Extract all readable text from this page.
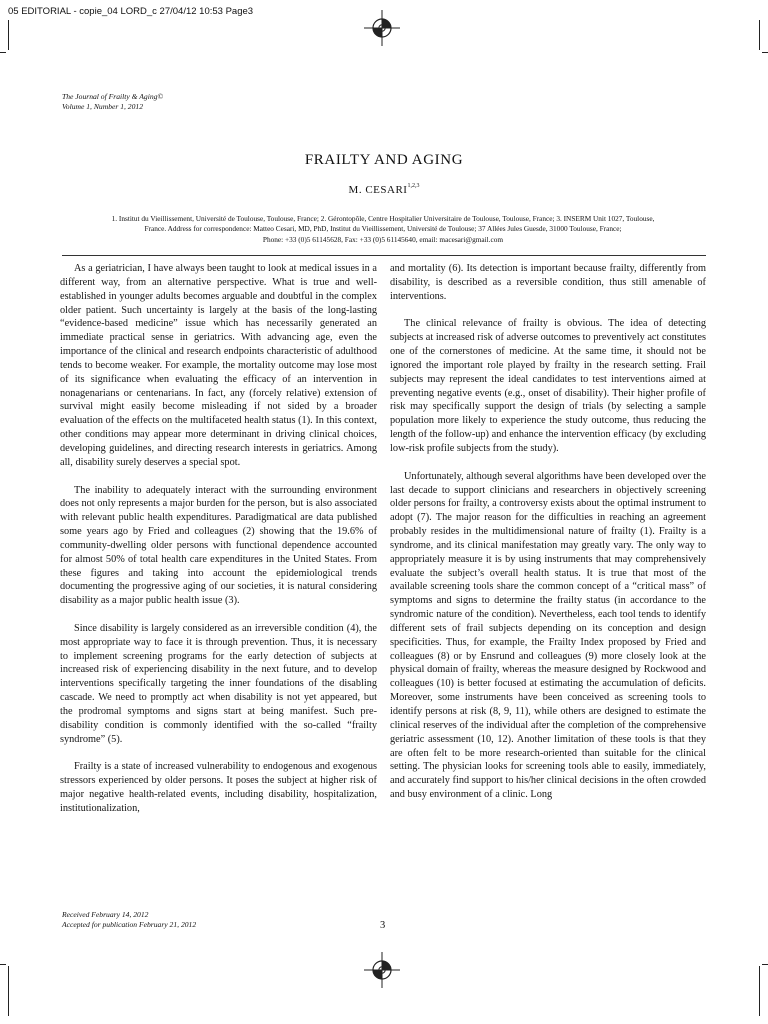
05 EDITORIAL - copie_04 LORD_c 27/04/12 10:53 Page3
The Journal of Frailty & Aging©
Volume 1, Number 1, 2012
FRAILTY AND AGING
M. CESARI$^{1,2,3}$
1. Institut du Vieillissement, Université de Toulouse, Toulouse, France; 2. Gérontopôle, Centre Hospitalier Universitaire de Toulouse, Toulouse, France; 3. INSERM Unit 1027, Toulouse,
France. Address for correspondence: Matteo Cesari, MD, PhD, Institut du Vieillissement, Université de Toulouse; 37 Allées Jules Guesde, 31000 Toulouse, France;
Phone: +33 (0)5 61145628, Fax: +33 (0)5 61145640, email: macesari@gmail.com

As a geriatrician, I have always been taught to look at medical issues in a different way, from an alternative perspective. What is true and well-established in younger adults becomes arguable and doubtful in the complex older patient. Such uncertainty is largely at the basis of the long-lasting “evidence-based medicine” issue which has necessarily generated an immediate practical sense in geriatrics. With advancing age, even the importance of the clinical and research endpoints characteristic of adulthood tends to become weaker. For example, the mortality outcome may lose most of its significance when evaluating the efficacy of an intervention in nonagenarians or centenarians. In fact, any (forcely relative) extension of survival might easily become misleading if not sided by a broader evaluation of the effects on the multifaceted health status (1). In this context, other conditions may appear more determinant in driving clinical choices, developing guidelines, and directing research interests in geriatrics. Among all, disability surely deserves a special spot.

The inability to adequately interact with the surrounding environment does not only represents a major burden for the person, but is also associated with relevant public health expenditures. Paradigmatical are data published some years ago by Fried and colleagues (2) showing that the 19.6% of community-dwelling older persons with functional dependence accounted for almost 50% of total health care expenditures in the United States. From these figures and taking into account the epidemiological trends documenting the progressive aging of our societies, it is natural considering disability as a major public health issue (3).

Since disability is largely considered as an irreversible condition (4), the most appropriate way to face it is through prevention. Thus, it is necessary to implement screening programs for the early detection of subjects at increased risk of experiencing disability in the next future, and to develop interventions specifically targeting the inner foundations of the disabling cascade. We need to promptly act when disability is not yet appeared, but the prodromal symptoms and signs start at being manifest. Such pre-disability condition is commonly identified with the so-called “frailty syndrome” (5).

Frailty is a state of increased vulnerability to endogenous and exogenous stressors experienced by older persons. It poses the subject at higher risk of major negative health-related events, including disability, hospitalization, institutionalization,

and mortality (6). Its detection is important because frailty, differently from disability, is described as a reversible condition, thus still amenable of interventions.

The clinical relevance of frailty is obvious. The idea of detecting subjects at increased risk of adverse outcomes to preventively act constitutes one of the cornerstones of medicine. At the same time, it should not be ignored the important role played by frailty in the research setting. Frail subjects may represent the ideal candidates to test interventions aimed at preventing negative events (e.g., onset of disability). Their higher profile of risk may specifically support the design of trials (by selecting a sample population more likely to experience the study outcome, thus reducing the length of the follow-up) and enhance the intervention efficacy (by excluding low-risk profile subjects from the study).

Unfortunately, although several algorithms have been developed over the last decade to support clinicians and researchers in objectively screening older persons for frailty, a controversy exists about the optimal instrument to adopt (7). The major reason for the difficulties in reaching an agreement probably resides in the multidimensional nature of frailty (1). Frailty is a syndrome, and its clinical manifestation may greatly vary. The only way to appropriately measure it is by using instruments that may comprehensively evaluate the subject’s overall health status. It is true that most of the available screening tools share the common concept of a “critical mass” of symptoms and signs to determine the frailty status (in accordance to the syndromic nature of the condition). Nevertheless, each tool tends to identify different sets of frail subjects depending on its conception and design specificities. Thus, for example, the Frailty Index proposed by Fried and colleagues (8) or by Ensrund and colleagues (9) more closely look at the physical domain of frailty, whereas the measure designed by Rockwood and colleagues (10) is better focused at estimating the accumulation of deficits. Moreover, some instruments have been conceived as screening tools to identify persons at risk (8, 9, 11), while others are designed to estimate the clinical reserves of the individual after the completion of the comprehensive geriatric assessment (10, 12). Another limitation of these tools is that they are often felt to be more research-oriented than suitable for the clinical setting. The physician looks for screening tools able to easily, immediately, and accurately find support to his/her clinical decisions in the often crowded and busy environment of a clinic. Long

Received February 14, 2012
Accepted for publication February 21, 2012	3
